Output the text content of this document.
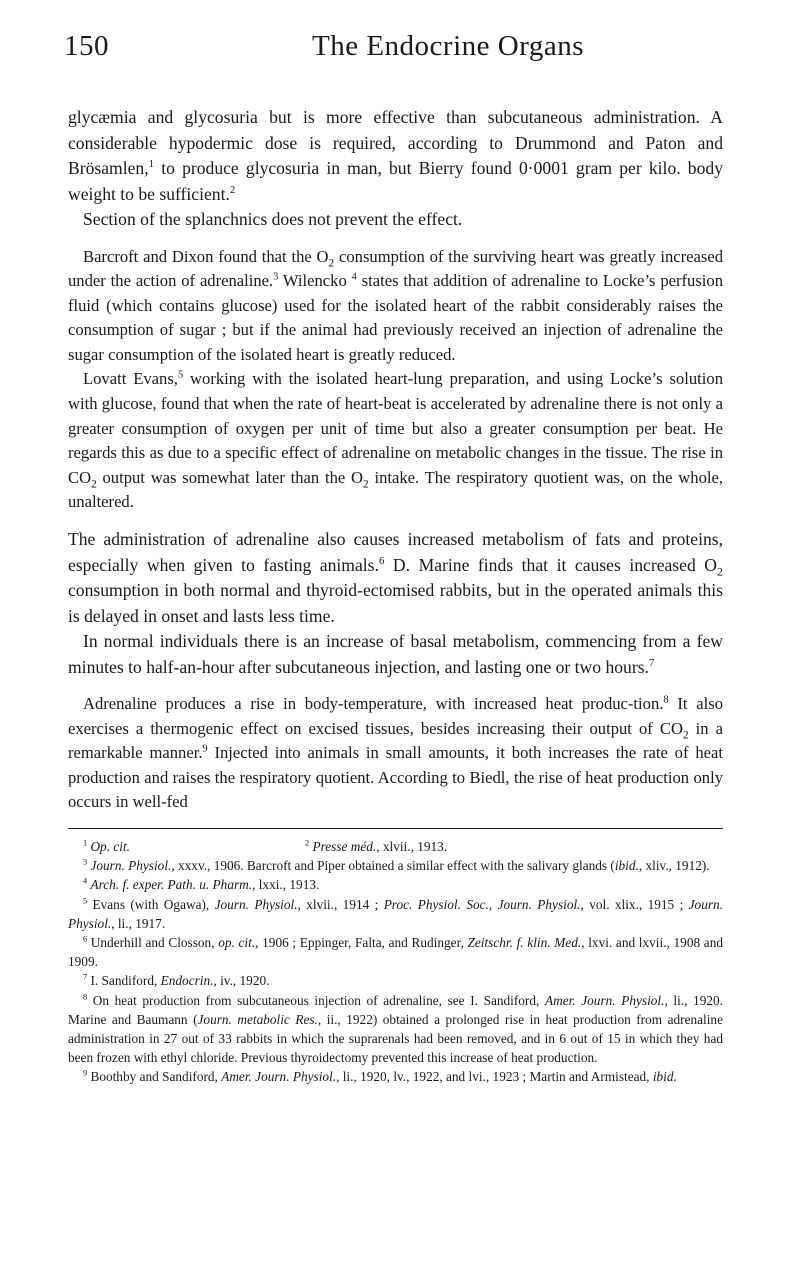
150	The Endocrine Organs

glycæmia and glycosuria but is more effective than subcutaneous administration. A considerable hypodermic dose is required, according to Drummond and Paton and Brösamlen,$^1$ to produce glycosuria in man, but Bierry found 0·0001 gram per kilo. body weight to be sufficient.$^2$

Section of the splanchnics does not prevent the effect.

Barcroft and Dixon found that the $O_2$ consumption of the surviving heart was greatly increased under the action of adrenaline.$^3$ Wilencko $^4$ states that addition of adrenaline to Locke’s perfusion fluid (which contains glucose) used for the isolated heart of the rabbit considerably raises the consumption of sugar ; but if the animal had previously received an injection of adrenaline the sugar consumption of the isolated heart is greatly reduced.

Lovatt Evans,$^5$ working with the isolated heart-lung preparation, and using Locke’s solution with glucose, found that when the rate of heart-beat is accelerated by adrenaline there is not only a greater consumption of oxygen per unit of time but also a greater consumption per beat. He regards this as due to a specific effect of adrenaline on metabolic changes in the tissue. The rise in $CO_2$ output was somewhat later than the $O_2$ intake. The respiratory quotient was, on the whole, unaltered.

The administration of adrenaline also causes increased metabolism of fats and proteins, especially when given to fasting animals.$^6$ D. Marine finds that it causes increased $O_2$ consumption in both normal and thyroid-ectomised rabbits, but in the operated animals this is delayed in onset and lasts less time.

In normal individuals there is an increase of basal metabolism, commencing from a few minutes to half-an-hour after subcutaneous injection, and lasting one or two hours.$^7$

Adrenaline produces a rise in body-temperature, with increased heat produc-tion.$^8$ It also exercises a thermogenic effect on excised tissues, besides increasing their output of $CO_2$ in a remarkable manner.$^9$ Injected into animals in small amounts, it both increases the rate of heat production and raises the respiratory quotient. According to Biedl, the rise of heat production only occurs in well-fed

$^1$ Op. cit.	$^2$ Presse méd., xlvii., 1913.

$^3$ Journ. Physiol., xxxv., 1906. Barcroft and Piper obtained a similar effect with the salivary glands (ibid., xliv., 1912).

$^4$ Arch. f. exper. Path. u. Pharm., lxxi., 1913.

$^5$ Evans (with Ogawa), Journ. Physiol., xlvii., 1914 ; Proc. Physiol. Soc., Journ. Physiol., vol. xlix., 1915 ; Journ. Physiol., li., 1917.

$^6$ Underhill and Closson, op. cit., 1906 ; Eppinger, Falta, and Rudinger, Zeitschr. f. klin. Med., lxvi. and lxvii., 1908 and 1909.

$^7$ I. Sandiford, Endocrin., iv., 1920.

$^8$ On heat production from subcutaneous injection of adrenaline, see I. Sandiford, Amer. Journ. Physiol., li., 1920. Marine and Baumann (Journ. metabolic Res., ii., 1922) obtained a prolonged rise in heat production from adrenaline administration in 27 out of 33 rabbits in which the suprarenals had been removed, and in 6 out of 15 in which they had been frozen with ethyl chloride. Previous thyroidectomy prevented this increase of heat production.

$^9$ Boothby and Sandiford, Amer. Journ. Physiol., li., 1920, lv., 1922, and lvi., 1923 ; Martin and Armistead, ibid.
